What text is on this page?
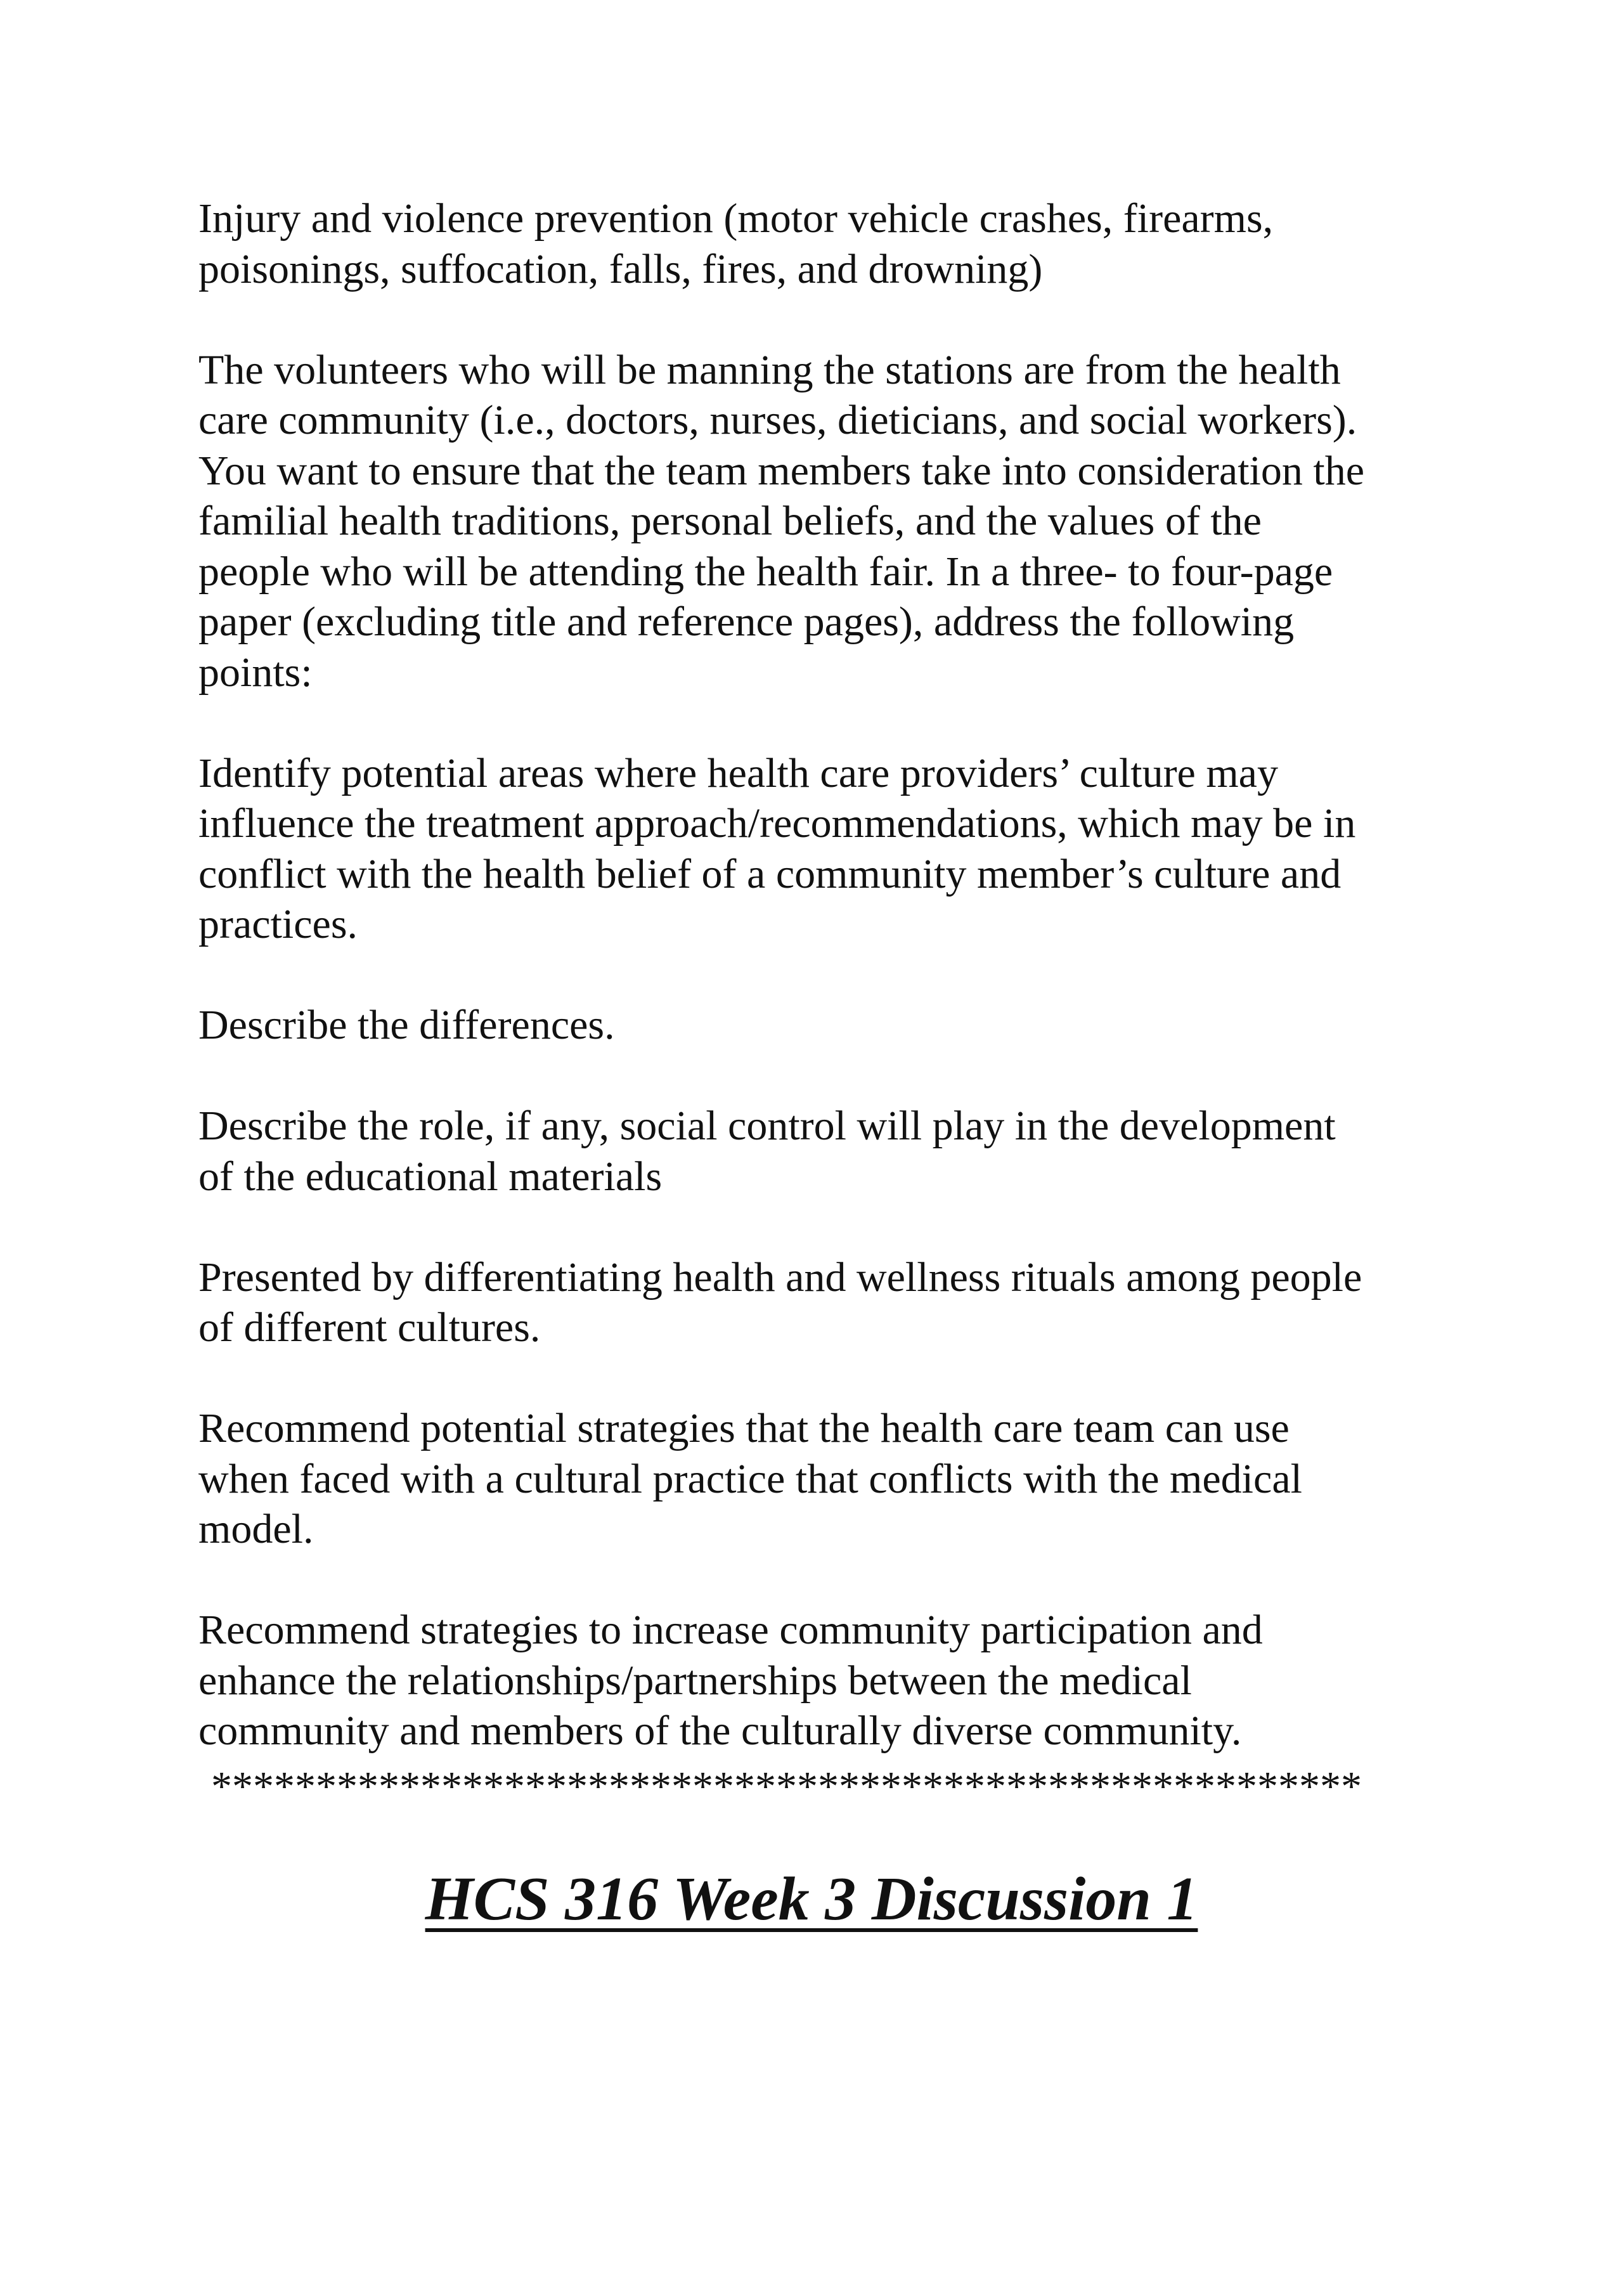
Injury and violence prevention (motor vehicle crashes, firearms,
poisonings, suffocation, falls, fires, and drowning)

The volunteers who will be manning the stations are from the health
care community (i.e., doctors, nurses, dieticians, and social workers).
You want to ensure that the team members take into consideration the
familial health traditions, personal beliefs, and the values of the
people who will be attending the health fair. In a three- to four-page
paper (excluding title and reference pages), address the following
points:

Identify potential areas where health care providers’ culture may
influence the treatment approach/recommendations, which may be in
conflict with the health belief of a community member’s culture and
practices.

Describe the differences.

Describe the role, if any, social control will play in the development
of the educational materials

Presented by differentiating health and wellness rituals among people
of different cultures.

Recommend potential strategies that the health care team can use
when faced with a cultural practice that conflicts with the medical
model.

Recommend strategies to increase community participation and
enhance the relationships/partnerships between the medical
community and members of the culturally diverse community.

*******************************************************
HCS 316 Week 3 Discussion 1
